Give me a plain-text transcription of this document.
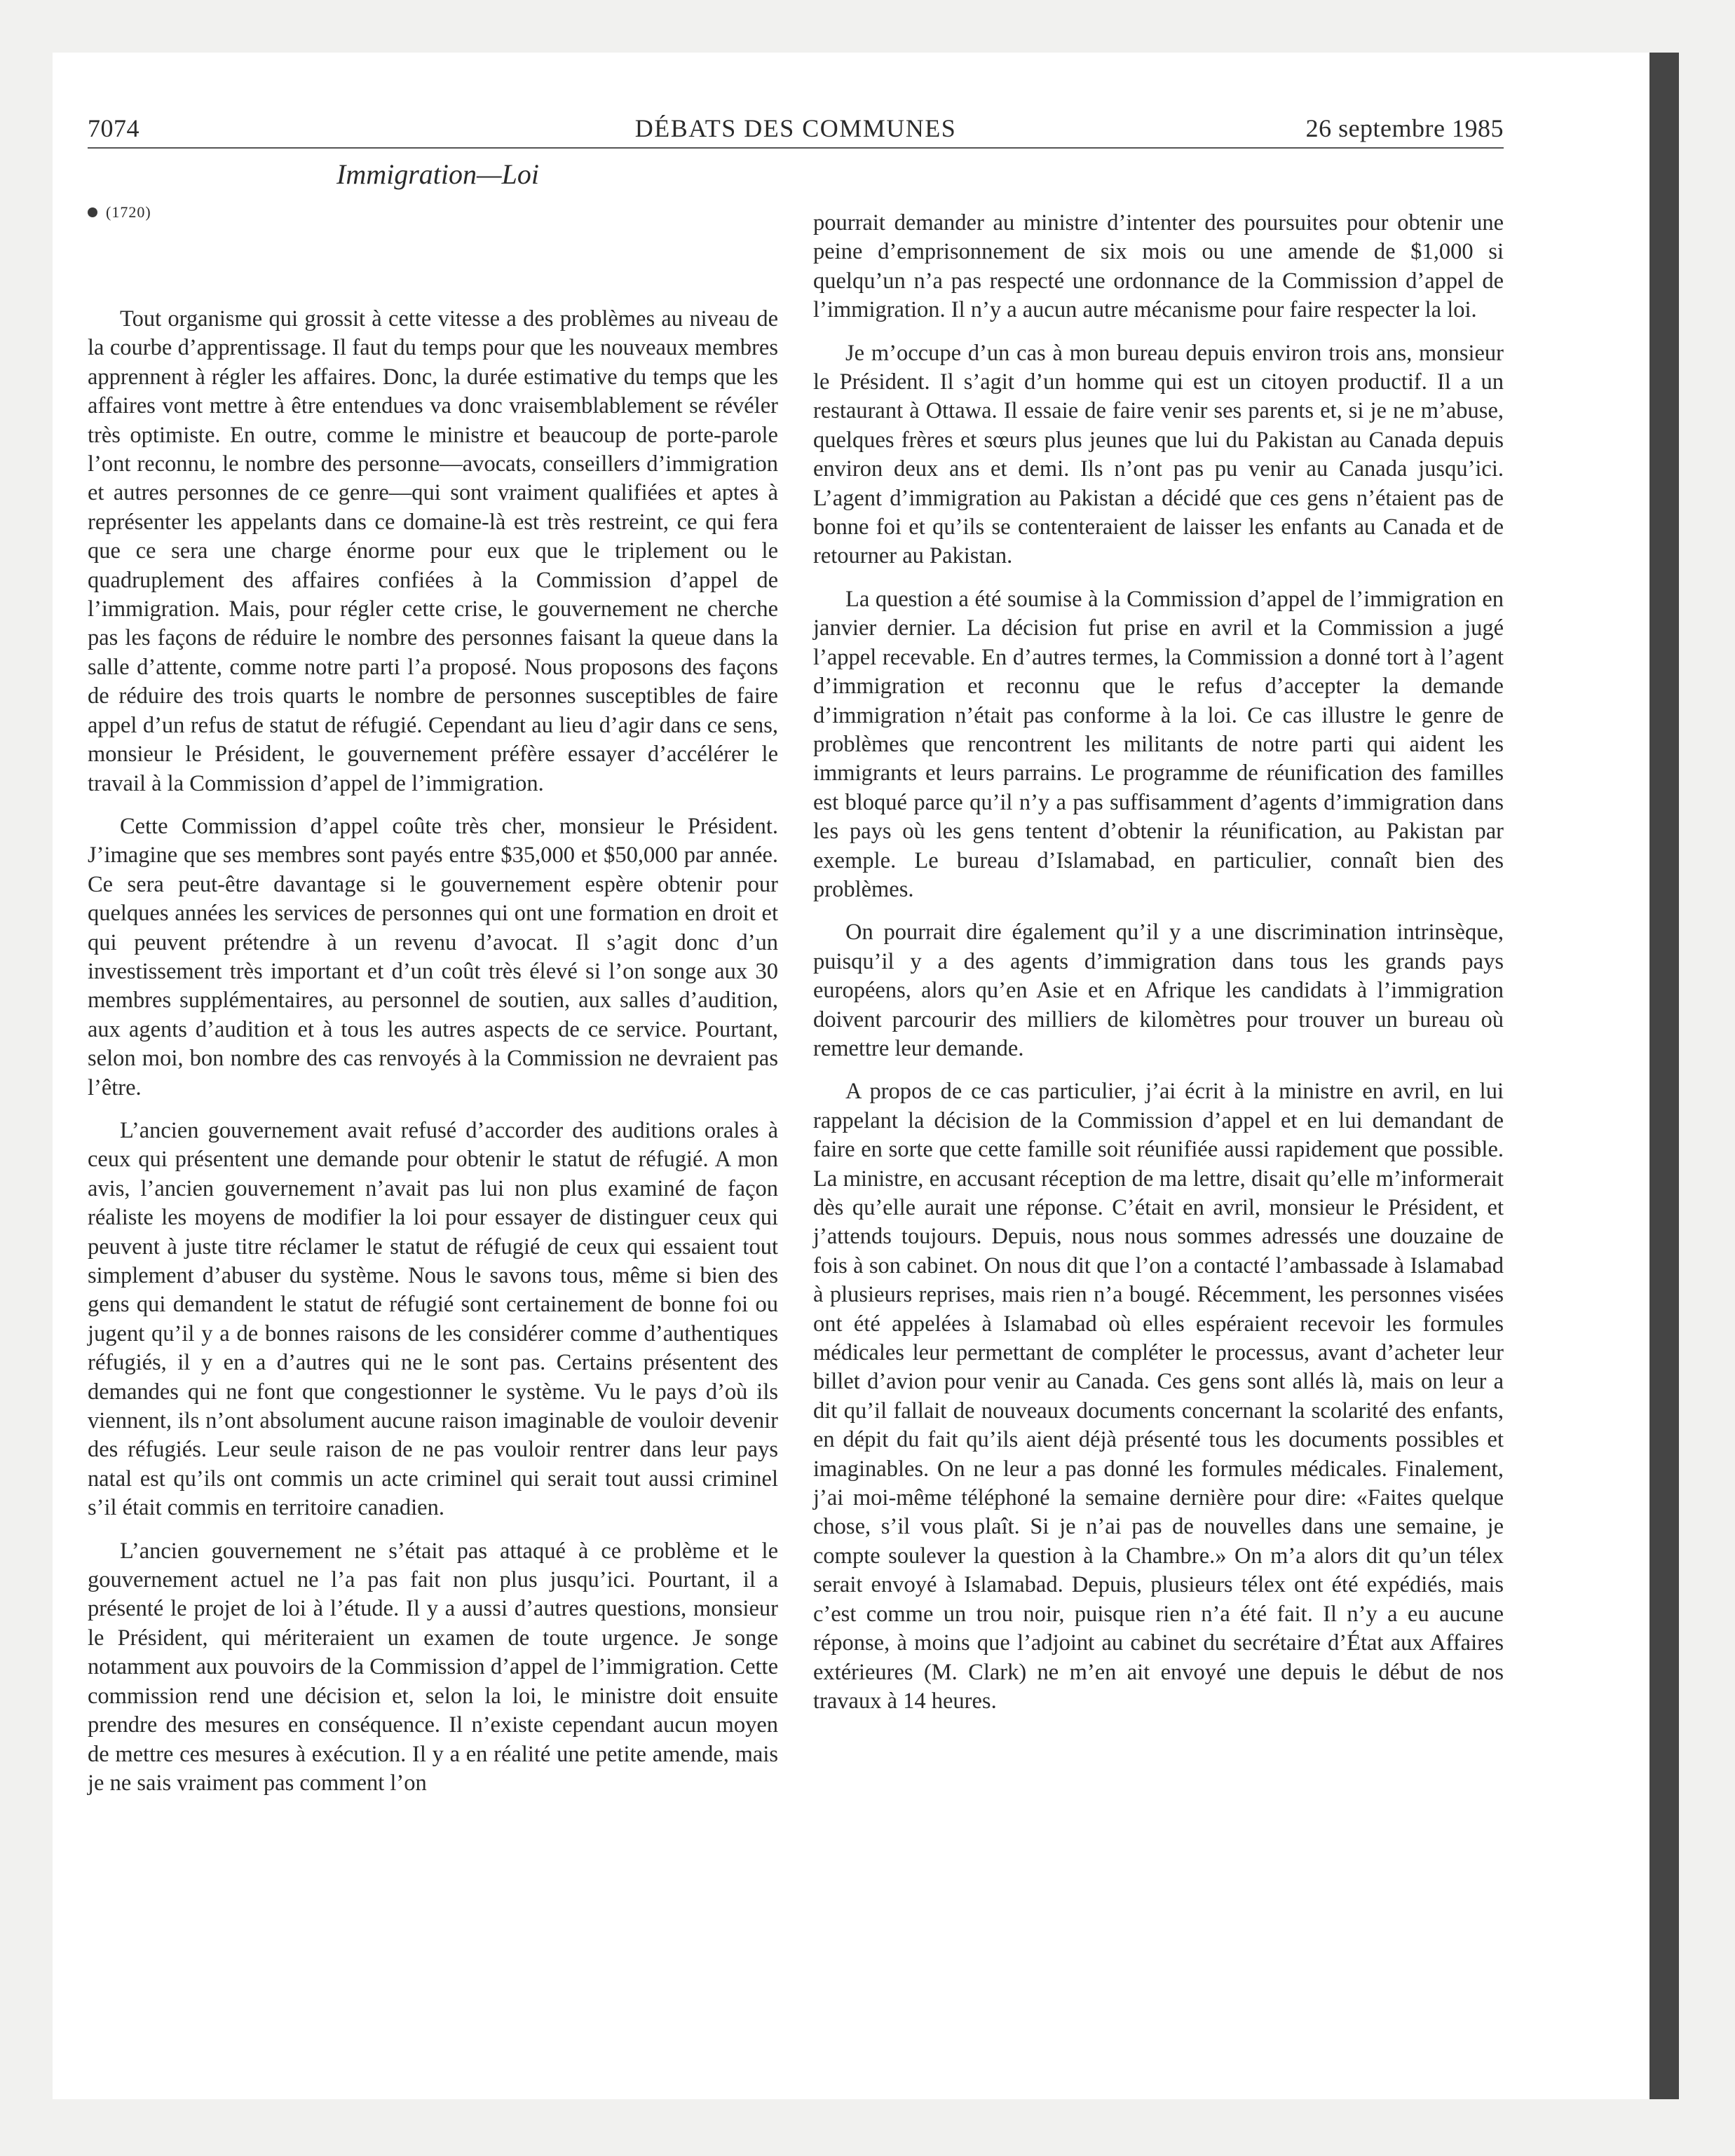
7074	DÉBATS DES COMMUNES	26 septembre 1985
Immigration—Loi
(1720)

Tout organisme qui grossit à cette vitesse a des problèmes au niveau de la courbe d’apprentissage. Il faut du temps pour que les nouveaux membres apprennent à régler les affaires. Donc, la durée estimative du temps que les affaires vont mettre à être entendues va donc vraisemblablement se révéler très optimiste. En outre, comme le ministre et beaucoup de porte-parole l’ont reconnu, le nombre des personne—avocats, conseillers d’immigration et autres personnes de ce genre—qui sont vraiment qualifiées et aptes à représenter les appelants dans ce domaine-là est très restreint, ce qui fera que ce sera une charge énorme pour eux que le triplement ou le quadruplement des affaires confiées à la Commission d’appel de l’immigration. Mais, pour régler cette crise, le gouvernement ne cherche pas les façons de réduire le nombre des personnes faisant la queue dans la salle d’attente, comme notre parti l’a proposé. Nous proposons des façons de réduire des trois quarts le nombre de personnes susceptibles de faire appel d’un refus de statut de réfugié. Cependant au lieu d’agir dans ce sens, monsieur le Président, le gouvernement préfère essayer d’accélérer le travail à la Commission d’appel de l’immigration.

Cette Commission d’appel coûte très cher, monsieur le Président. J’imagine que ses membres sont payés entre $35,000 et $50,000 par année. Ce sera peut-être davantage si le gouvernement espère obtenir pour quelques années les services de personnes qui ont une formation en droit et qui peuvent prétendre à un revenu d’avocat. Il s’agit donc d’un investissement très important et d’un coût très élevé si l’on songe aux 30 membres supplémentaires, au personnel de soutien, aux salles d’audition, aux agents d’audition et à tous les autres aspects de ce service. Pourtant, selon moi, bon nombre des cas renvoyés à la Commission ne devraient pas l’être.

L’ancien gouvernement avait refusé d’accorder des auditions orales à ceux qui présentent une demande pour obtenir le statut de réfugié. A mon avis, l’ancien gouvernement n’avait pas lui non plus examiné de façon réaliste les moyens de modifier la loi pour essayer de distinguer ceux qui peuvent à juste titre réclamer le statut de réfugié de ceux qui essaient tout simplement d’abuser du système. Nous le savons tous, même si bien des gens qui demandent le statut de réfugié sont certainement de bonne foi ou jugent qu’il y a de bonnes raisons de les considérer comme d’authentiques réfugiés, il y en a d’autres qui ne le sont pas. Certains présentent des demandes qui ne font que congestionner le système. Vu le pays d’où ils viennent, ils n’ont absolument aucune raison imaginable de vouloir devenir des réfugiés. Leur seule raison de ne pas vouloir rentrer dans leur pays natal est qu’ils ont commis un acte criminel qui serait tout aussi criminel s’il était commis en territoire canadien.

L’ancien gouvernement ne s’était pas attaqué à ce problème et le gouvernement actuel ne l’a pas fait non plus jusqu’ici. Pourtant, il a présenté le projet de loi à l’étude. Il y a aussi d’autres questions, monsieur le Président, qui mériteraient un examen de toute urgence. Je songe notamment aux pouvoirs de la Commission d’appel de l’immigration. Cette commission rend une décision et, selon la loi, le ministre doit ensuite prendre des mesures en conséquence. Il n’existe cependant aucun moyen de mettre ces mesures à exécution. Il y a en réalité une petite amende, mais je ne sais vraiment pas comment l’on

pourrait demander au ministre d’intenter des poursuites pour obtenir une peine d’emprisonnement de six mois ou une amende de $1,000 si quelqu’un n’a pas respecté une ordonnance de la Commission d’appel de l’immigration. Il n’y a aucun autre mécanisme pour faire respecter la loi.

Je m’occupe d’un cas à mon bureau depuis environ trois ans, monsieur le Président. Il s’agit d’un homme qui est un citoyen productif. Il a un restaurant à Ottawa. Il essaie de faire venir ses parents et, si je ne m’abuse, quelques frères et sœurs plus jeunes que lui du Pakistan au Canada depuis environ deux ans et demi. Ils n’ont pas pu venir au Canada jusqu’ici. L’agent d’immigration au Pakistan a décidé que ces gens n’étaient pas de bonne foi et qu’ils se contenteraient de laisser les enfants au Canada et de retourner au Pakistan.

La question a été soumise à la Commission d’appel de l’immigration en janvier dernier. La décision fut prise en avril et la Commission a jugé l’appel recevable. En d’autres termes, la Commission a donné tort à l’agent d’immigration et reconnu que le refus d’accepter la demande d’immigration n’était pas conforme à la loi. Ce cas illustre le genre de problèmes que rencontrent les militants de notre parti qui aident les immigrants et leurs parrains. Le programme de réunification des familles est bloqué parce qu’il n’y a pas suffisamment d’agents d’immigration dans les pays où les gens tentent d’obtenir la réunification, au Pakistan par exemple. Le bureau d’Islamabad, en particulier, connaît bien des problèmes.

On pourrait dire également qu’il y a une discrimination intrinsèque, puisqu’il y a des agents d’immigration dans tous les grands pays européens, alors qu’en Asie et en Afrique les candidats à l’immigration doivent parcourir des milliers de kilomètres pour trouver un bureau où remettre leur demande.

A propos de ce cas particulier, j’ai écrit à la ministre en avril, en lui rappelant la décision de la Commission d’appel et en lui demandant de faire en sorte que cette famille soit réunifiée aussi rapidement que possible. La ministre, en accusant réception de ma lettre, disait qu’elle m’informerait dès qu’elle aurait une réponse. C’était en avril, monsieur le Président, et j’attends toujours. Depuis, nous nous sommes adressés une douzaine de fois à son cabinet. On nous dit que l’on a contacté l’ambassade à Islamabad à plusieurs reprises, mais rien n’a bougé. Récemment, les personnes visées ont été appelées à Islamabad où elles espéraient recevoir les formules médicales leur permettant de compléter le processus, avant d’acheter leur billet d’avion pour venir au Canada. Ces gens sont allés là, mais on leur a dit qu’il fallait de nouveaux documents concernant la scolarité des enfants, en dépit du fait qu’ils aient déjà présenté tous les documents possibles et imaginables. On ne leur a pas donné les formules médicales. Finalement, j’ai moi-même téléphoné la semaine dernière pour dire: «Faites quelque chose, s’il vous plaît. Si je n’ai pas de nouvelles dans une semaine, je compte soulever la question à la Chambre.» On m’a alors dit qu’un télex serait envoyé à Islamabad. Depuis, plusieurs télex ont été expédiés, mais c’est comme un trou noir, puisque rien n’a été fait. Il n’y a eu aucune réponse, à moins que l’adjoint au cabinet du secrétaire d’État aux Affaires extérieures (M. Clark) ne m’en ait envoyé une depuis le début de nos travaux à 14 heures.
